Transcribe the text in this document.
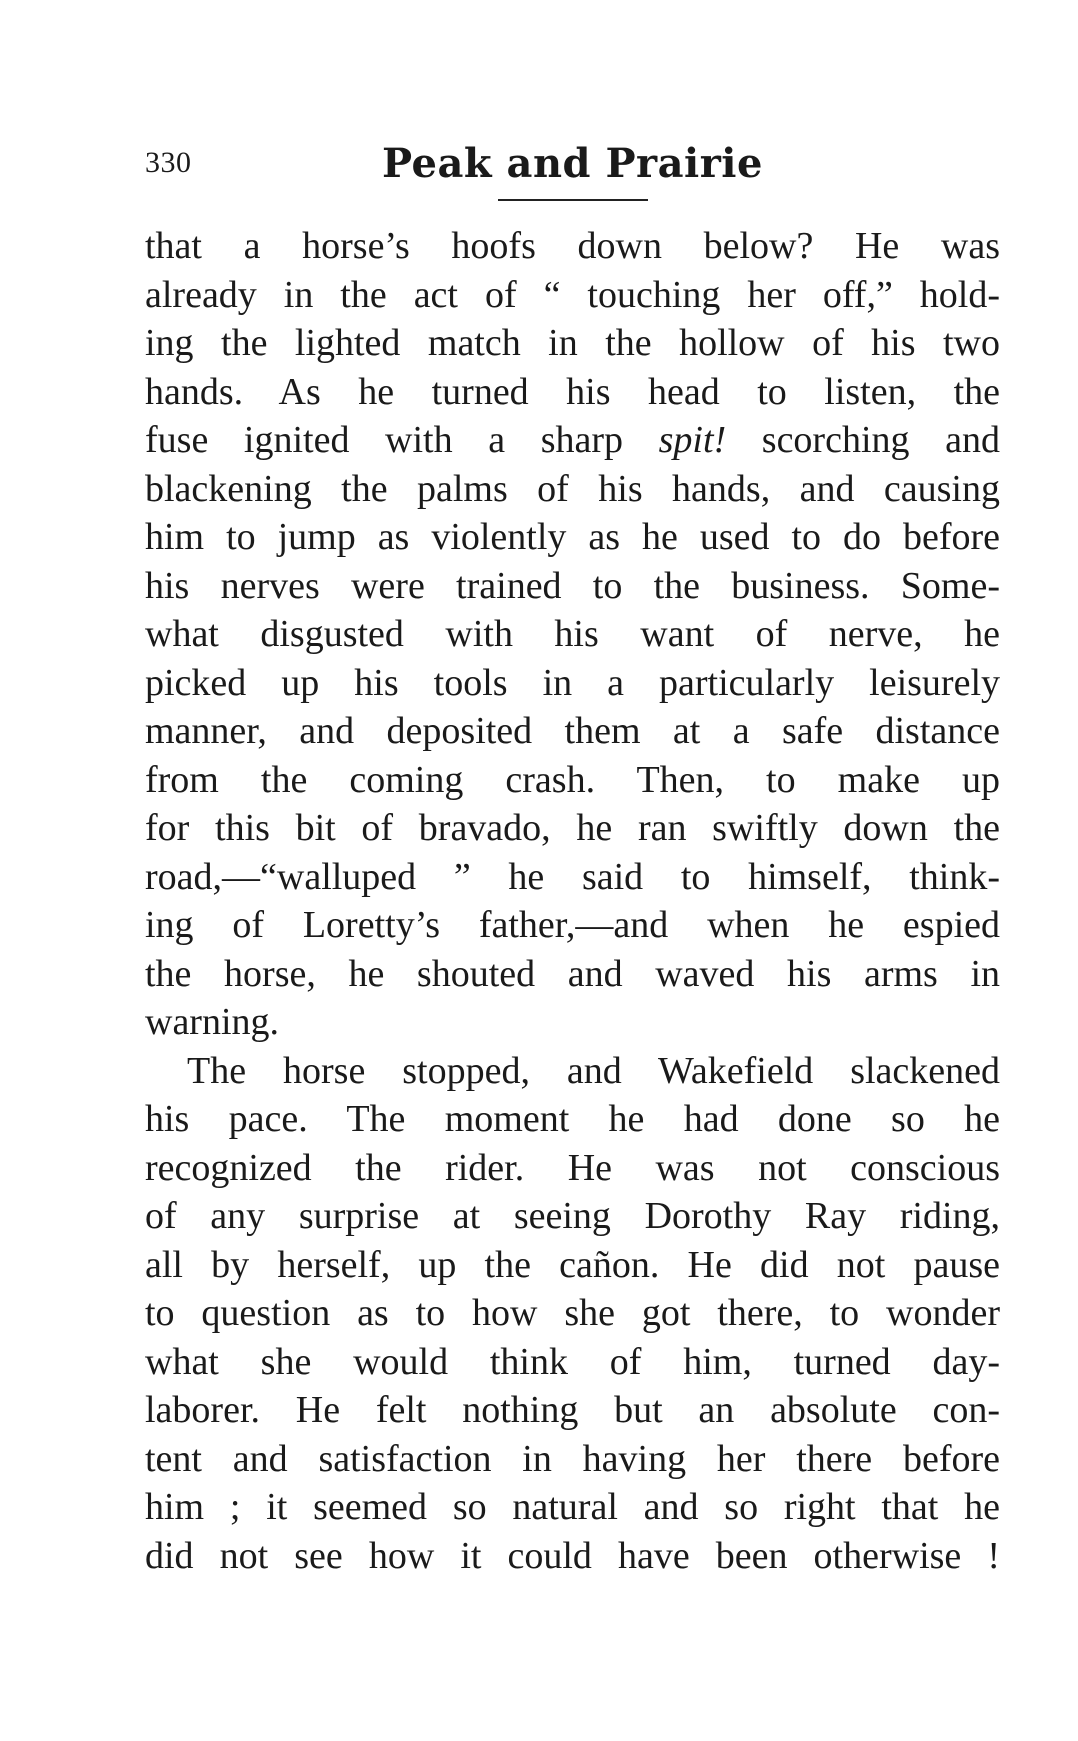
330	Peak and Prairie
that a horse’s hoofs down below? He was
already in the act of “ touching her off,” hold-
ing the lighted match in the hollow of his two
hands. As he turned his head to listen, the
fuse ignited with a sharp spit! scorching and
blackening the palms of his hands, and causing
him to jump as violently as he used to do before
his nerves were trained to the business. Some-
what disgusted with his want of nerve, he
picked up his tools in a particularly leisurely
manner, and deposited them at a safe distance
from the coming crash. Then, to make up
for this bit of bravado, he ran swiftly down the
road,—“walluped ” he said to himself, think-
ing of Loretty’s father,—and when he espied
the horse, he shouted and waved his arms in
warning.
The horse stopped, and Wakefield slackened
his pace. The moment he had done so he
recognized the rider. He was not conscious
of any surprise at seeing Dorothy Ray riding,
all by herself, up the cañon. He did not pause
to question as to how she got there, to wonder
what she would think of him, turned day-
laborer. He felt nothing but an absolute con-
tent and satisfaction in having her there before
him ; it seemed so natural and so right that he
did not see how it could have been otherwise !
